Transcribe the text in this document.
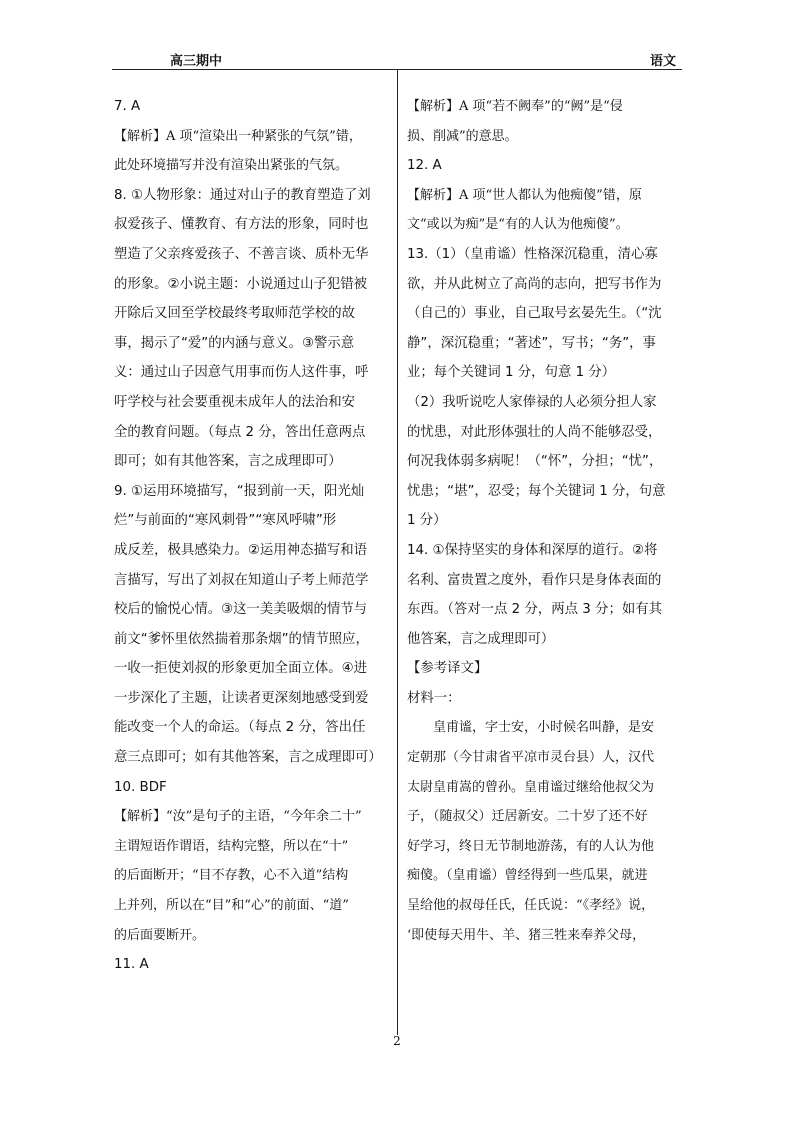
高三期中	语文
7. A
【解析】A 项“渲染出一种紧张的气氛”错，
此处环境描写并没有渲染出紧张的气氛。
8. ①人物形象：通过对山子的教育塑造了刘
叔爱孩子、懂教育、有方法的形象，同时也
塑造了父亲疼爱孩子、不善言谈、质朴无华
的形象。②小说主题：小说通过山子犯错被
开除后又回至学校最终考取师范学校的故
事，揭示了“爱”的内涵与意义。③警示意
义：通过山子因意气用事而伤人这件事，呼
吁学校与社会要重视未成年人的法治和安
全的教育问题。（每点 2 分，答出任意两点
即可；如有其他答案，言之成理即可）
9. ①运用环境描写，“报到前一天，阳光灿
烂”与前面的“寒风刺骨”“寒风呼啸”形
成反差，极具感染力。②运用神态描写和语
言描写，写出了刘叔在知道山子考上师范学
校后的愉悦心情。③这一美美吸烟的情节与
前文“爹怀里依然揣着那条烟”的情节照应，
一收一拒使刘叔的形象更加全面立体。④进
一步深化了主题，让读者更深刻地感受到爱
能改变一个人的命运。（每点 2 分，答出任
意三点即可；如有其他答案，言之成理即可）
10. BDF
【解析】“汝”是句子的主语，“今年余二十”
主谓短语作谓语，结构完整，所以在“十”
的后面断开；“目不存教，心不入道”结构
上并列，所以在“目”和“心”的前面、“道”
的后面要断开。
11. A
【解析】A 项“若不阙奉”的“阙”是“侵
损、削减”的意思。
12. A
【解析】A 项“世人都认为他痴傻”错，原
文“或以为痴”是“有的人认为他痴傻”。
13.（1）（皇甫谧）性格深沉稳重，清心寡
欲，并从此树立了高尚的志向，把写书作为
（自己的）事业，自己取号玄晏先生。（“沈
静”，深沉稳重；“著述”，写书；“务”，事
业；每个关键词 1 分，句意 1 分）
（2）我听说吃人家俸禄的人必须分担人家
的忧患，对此形体强壮的人尚不能够忍受，
何况我体弱多病呢！（“怀”，分担；“忧”，
忧患；“堪”，忍受；每个关键词 1 分，句意
1 分）
14. ①保持坚实的身体和深厚的道行。②将
名利、富贵置之度外，看作只是身体表面的
东西。（答对一点 2 分，两点 3 分；如有其
他答案，言之成理即可）
【参考译文】
材料一：
皇甫谧，字士安，小时候名叫静，是安
定朝那（今甘肃省平凉市灵台县）人，汉代
太尉皇甫嵩的曾孙。皇甫谧过继给他叔父为
子，（随叔父）迁居新安。二十岁了还不好
好学习，终日无节制地游荡，有的人认为他
痴傻。（皇甫谧）曾经得到一些瓜果，就进
呈给他的叔母任氏，任氏说：“《孝经》说，
‘即使每天用牛、羊、猪三牲来奉养父母，
2
